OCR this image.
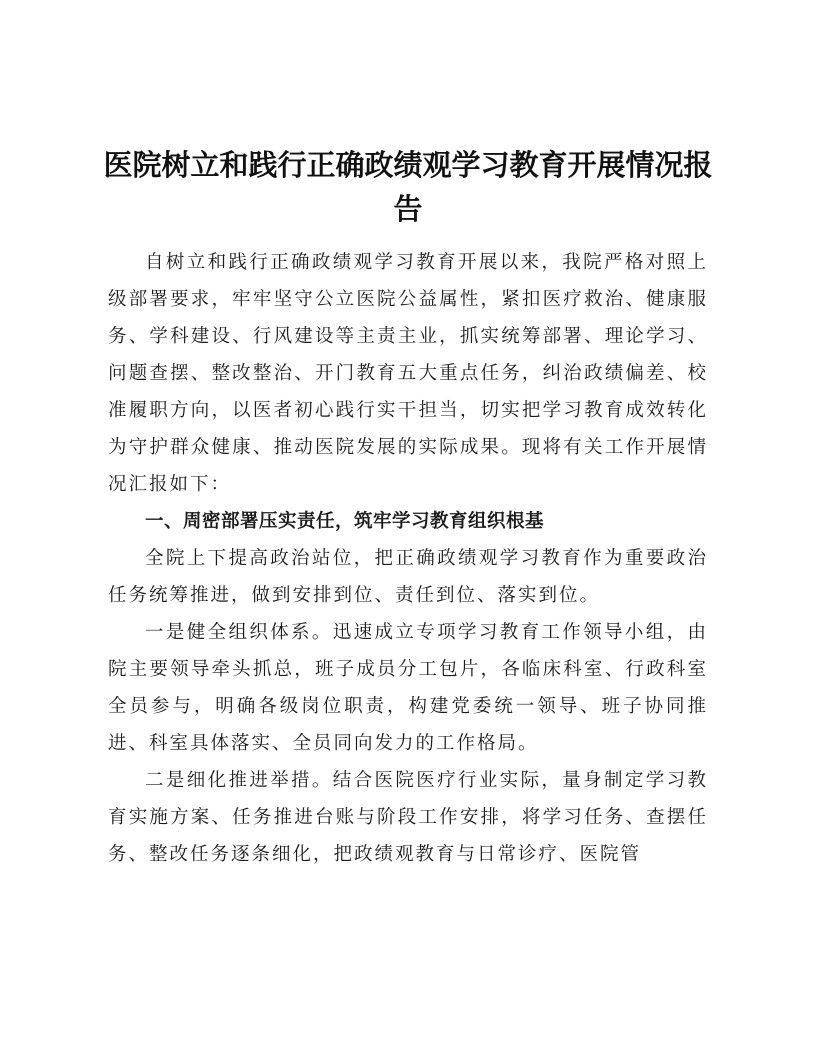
医院树立和践行正确政绩观学习教育开展情况报告

自树立和践行正确政绩观学习教育开展以来，我院严格对照上级部署要求，牢牢坚守公立医院公益属性，紧扣医疗救治、健康服务、学科建设、行风建设等主责主业，抓实统筹部署、理论学习、问题查摆、整改整治、开门教育五大重点任务，纠治政绩偏差、校准履职方向，以医者初心践行实干担当，切实把学习教育成效转化为守护群众健康、推动医院发展的实际成果。现将有关工作开展情况汇报如下：

一、周密部署压实责任，筑牢学习教育组织根基

全院上下提高政治站位，把正确政绩观学习教育作为重要政治任务统筹推进，做到安排到位、责任到位、落实到位。

一是健全组织体系。迅速成立专项学习教育工作领导小组，由院主要领导牵头抓总，班子成员分工包片，各临床科室、行政科室全员参与，明确各级岗位职责，构建党委统一领导、班子协同推进、科室具体落实、全员同向发力的工作格局。

二是细化推进举措。结合医院医疗行业实际，量身制定学习教育实施方案、任务推进台账与阶段工作安排，将学习任务、查摆任务、整改任务逐条细化，把政绩观教育与日常诊疗、医院管
